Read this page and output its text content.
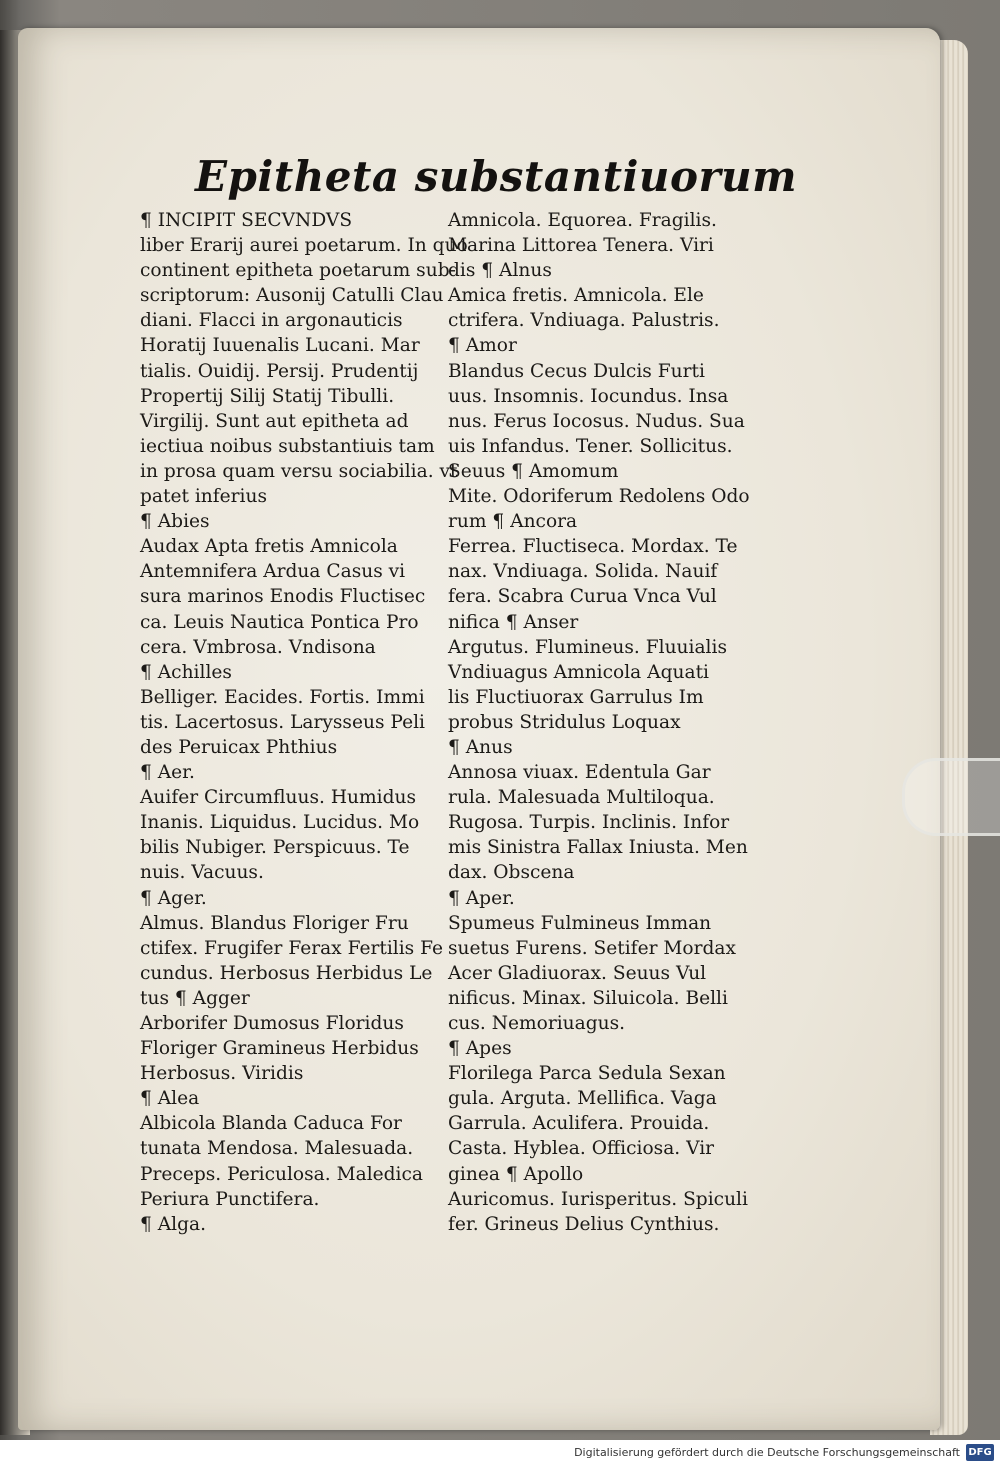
Epitheta substantiuorum
¶ INCIPIT SECVNDVS
liber Erarij aurei poetarum. In quo
continent epitheta poetarum sub-
scriptorum: Ausonij Catulli Clau
diani. Flacci in argonauticis
Horatij Iuuenalis Lucani. Mar
tialis. Ouidij. Persij. Prudentij
Propertij Silij Statij Tibulli.
Virgilij. Sunt aut epitheta ad
iectiua noibus substantiuis tam
in prosa quam versu sociabilia. vt
patet inferius
¶ Abies
Audax Apta fretis Amnicola
Antemnifera Ardua Casus vi
sura marinos Enodis Fluctisec
ca. Leuis Nautica Pontica Pro
cera. Vmbrosa. Vndisona
¶ Achilles
Belliger. Eacides. Fortis. Immi
tis. Lacertosus. Larysseus Peli
des Peruicax Phthius
¶ Aer.
Auifer Circumfluus. Humidus
Inanis. Liquidus. Lucidus. Mo
bilis Nubiger. Perspicuus. Te
nuis. Vacuus.
¶ Ager.
Almus. Blandus Floriger Fru
ctifex. Frugifer Ferax Fertilis Fe
cundus. Herbosus Herbidus Le
tus ¶ Agger
Arborifer Dumosus Floridus
Floriger Gramineus Herbidus
Herbosus. Viridis
¶ Alea
Albicola Blanda Caduca For
tunata Mendosa. Malesuada.
Preceps. Periculosa. Maledica
Periura Punctifera.
¶ Alga.
Amnicola. Equorea. Fragilis.
Marina Littorea Tenera. Viri
dis ¶ Alnus
Amica fretis. Amnicola. Ele
ctrifera. Vndiuaga. Palustris.
¶ Amor
Blandus Cecus Dulcis Furti
uus. Insomnis. Iocundus. Insa
nus. Ferus Iocosus. Nudus. Sua
uis Infandus. Tener. Sollicitus.
Seuus ¶ Amomum
Mite. Odoriferum Redolens Odo
rum ¶ Ancora
Ferrea. Fluctiseca. Mordax. Te
nax. Vndiuaga. Solida. Nauif
fera. Scabra Curua Vnca Vul
nifica ¶ Anser
Argutus. Flumineus. Fluuialis
Vndiuagus Amnicola Aquati
lis Fluctiuorax Garrulus Im
probus Stridulus Loquax
¶ Anus
Annosa viuax. Edentula Gar
rula. Malesuada Multiloqua.
Rugosa. Turpis. Inclinis. Infor
mis Sinistra Fallax Iniusta. Men
dax. Obscena
¶ Aper.
Spumeus Fulmineus Imman
suetus Furens. Setifer Mordax
Acer Gladiuorax. Seuus Vul
nificus. Minax. Siluicola. Belli
cus. Nemoriuagus.
¶ Apes
Florilega Parca Sedula Sexan
gula. Arguta. Mellifica. Vaga
Garrula. Aculifera. Prouida.
Casta. Hyblea. Officiosa. Vir
ginea ¶ Apollo
Auricomus. Iurisperitus. Spiculi
fer. Grineus Delius Cynthius.
Digitalisierung gefördert durch die Deutsche Forschungsgemeinschaft DFG
